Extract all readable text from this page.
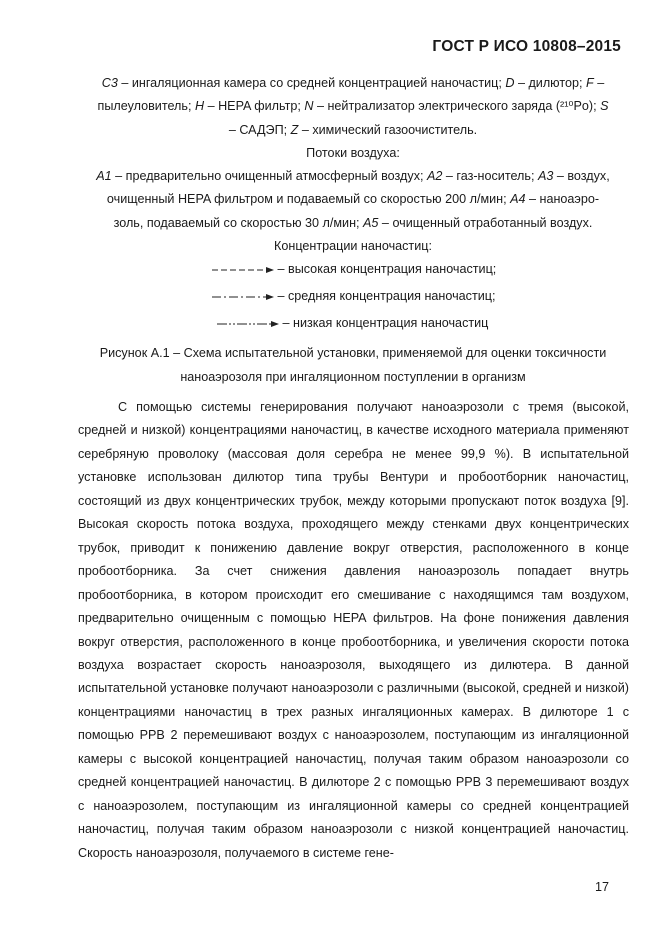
ГОСТ Р ИСО 10808–2015

C3 – ингаляционная камера со средней концентрацией наночастиц; D – дилютор; F –

пылеуловитель; H – HEPA фильтр; N – нейтрализатор электрического заряда (²¹⁰Po); S

– САДЭП; Z – химический газоочиститель.

Потоки воздуха:

A1 – предварительно очищенный атмосферный воздух; A2 – газ-носитель; A3 – воздух,

очищенный HEPA фильтром и подаваемый со скоростью 200 л/мин; A4 – наноаэро-

золь, подаваемый со скоростью 30 л/мин; A5 – очищенный отработанный воздух.

Концентрации наночастиц:

– высокая концентрация наночастиц;
– средняя концентрация наночастиц;
– низкая концентрация наночастиц
Рисунок А.1 – Схема испытательной установки, применяемой для оценки токсичности
наноаэрозоля при ингаляционном поступлении в организм

С помощью системы генерирования получают наноаэрозоли с тремя (высокой, средней и низкой) концентрациями наночастиц, в качестве исходного материала применяют серебряную проволоку (массовая доля серебра не менее 99,9 %). В испытательной установке использован дилютор типа трубы Вентури и пробоотборник наночастиц, состоящий из двух концентрических трубок, между которыми пропускают поток воздуха [9]. Высокая скорость потока воздуха, проходящего между стенками двух концентрических трубок, приводит к понижению давление вокруг отверстия, расположенного в конце пробоотборника. За счет снижения давления наноаэрозоль попадает внутрь пробоотборника, в котором происходит его смешивание с находящимся там воздухом, предварительно очищенным с помощью HEPA фильтров. На фоне понижения давления вокруг отверстия, расположенного в конце пробоотборника, и увеличения скорости потока воздуха возрастает скорость наноаэрозоля, выходящего из дилютера. В данной испытательной установке получают наноаэрозоли с различными (высокой, средней и низкой) концентрациями наночастиц в трех разных ингаляционных камерах. В дилюторе 1 с помощью PPB 2 перемешивают воздух с наноаэрозолем, поступающим из ингаляционной камеры с высокой концентрацией наночастиц, получая таким образом наноаэрозоли со средней концентрацией наночастиц. В дилюторе 2 с помощью PPB 3 перемешивают воздух с наноаэрозолем, поступающим из ингаляционной камеры со средней концентрацией наночастиц, получая таким образом наноаэрозоли с низкой концентрацией наночастиц. Скорость наноаэрозоля, получаемого в системе гене-

17
